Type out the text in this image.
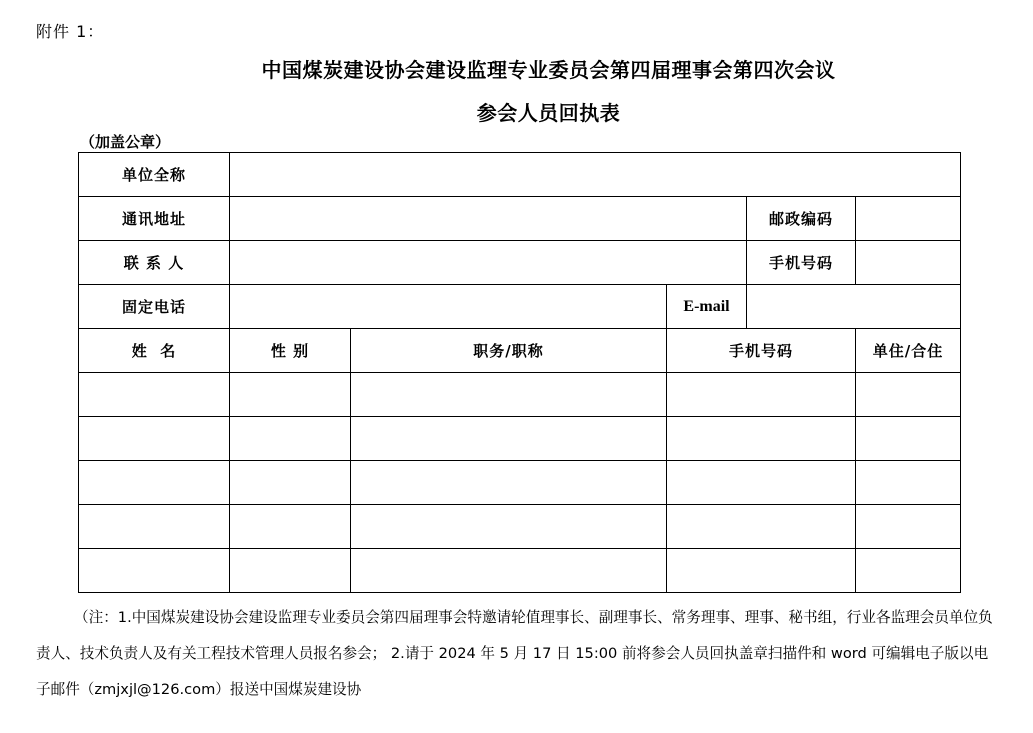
附件 1：
中国煤炭建设协会建设监理专业委员会第四届理事会第四次会议
参会人员回执表
（加盖公章）
单位全称					
通讯地址				邮政编码	
联 系 人				手机号码	
固定电话			E-mail		
姓  名	性 别	职务/职称	手机号码		单住/合住

（注：1.中国煤炭建设协会建设监理专业委员会第四届理事会特邀请轮值理事长、副理事长、常务理事、理事、秘书组，行业各监理会员单位负责人、技术负责人及有关工程技术管理人员报名参会； 2.请于 2024 年 5 月 17 日 15:00 前将参会人员回执盖章扫描件和 word 可编辑电子版以电子邮件（zmjxjl@126.com）报送中国煤炭建设协
